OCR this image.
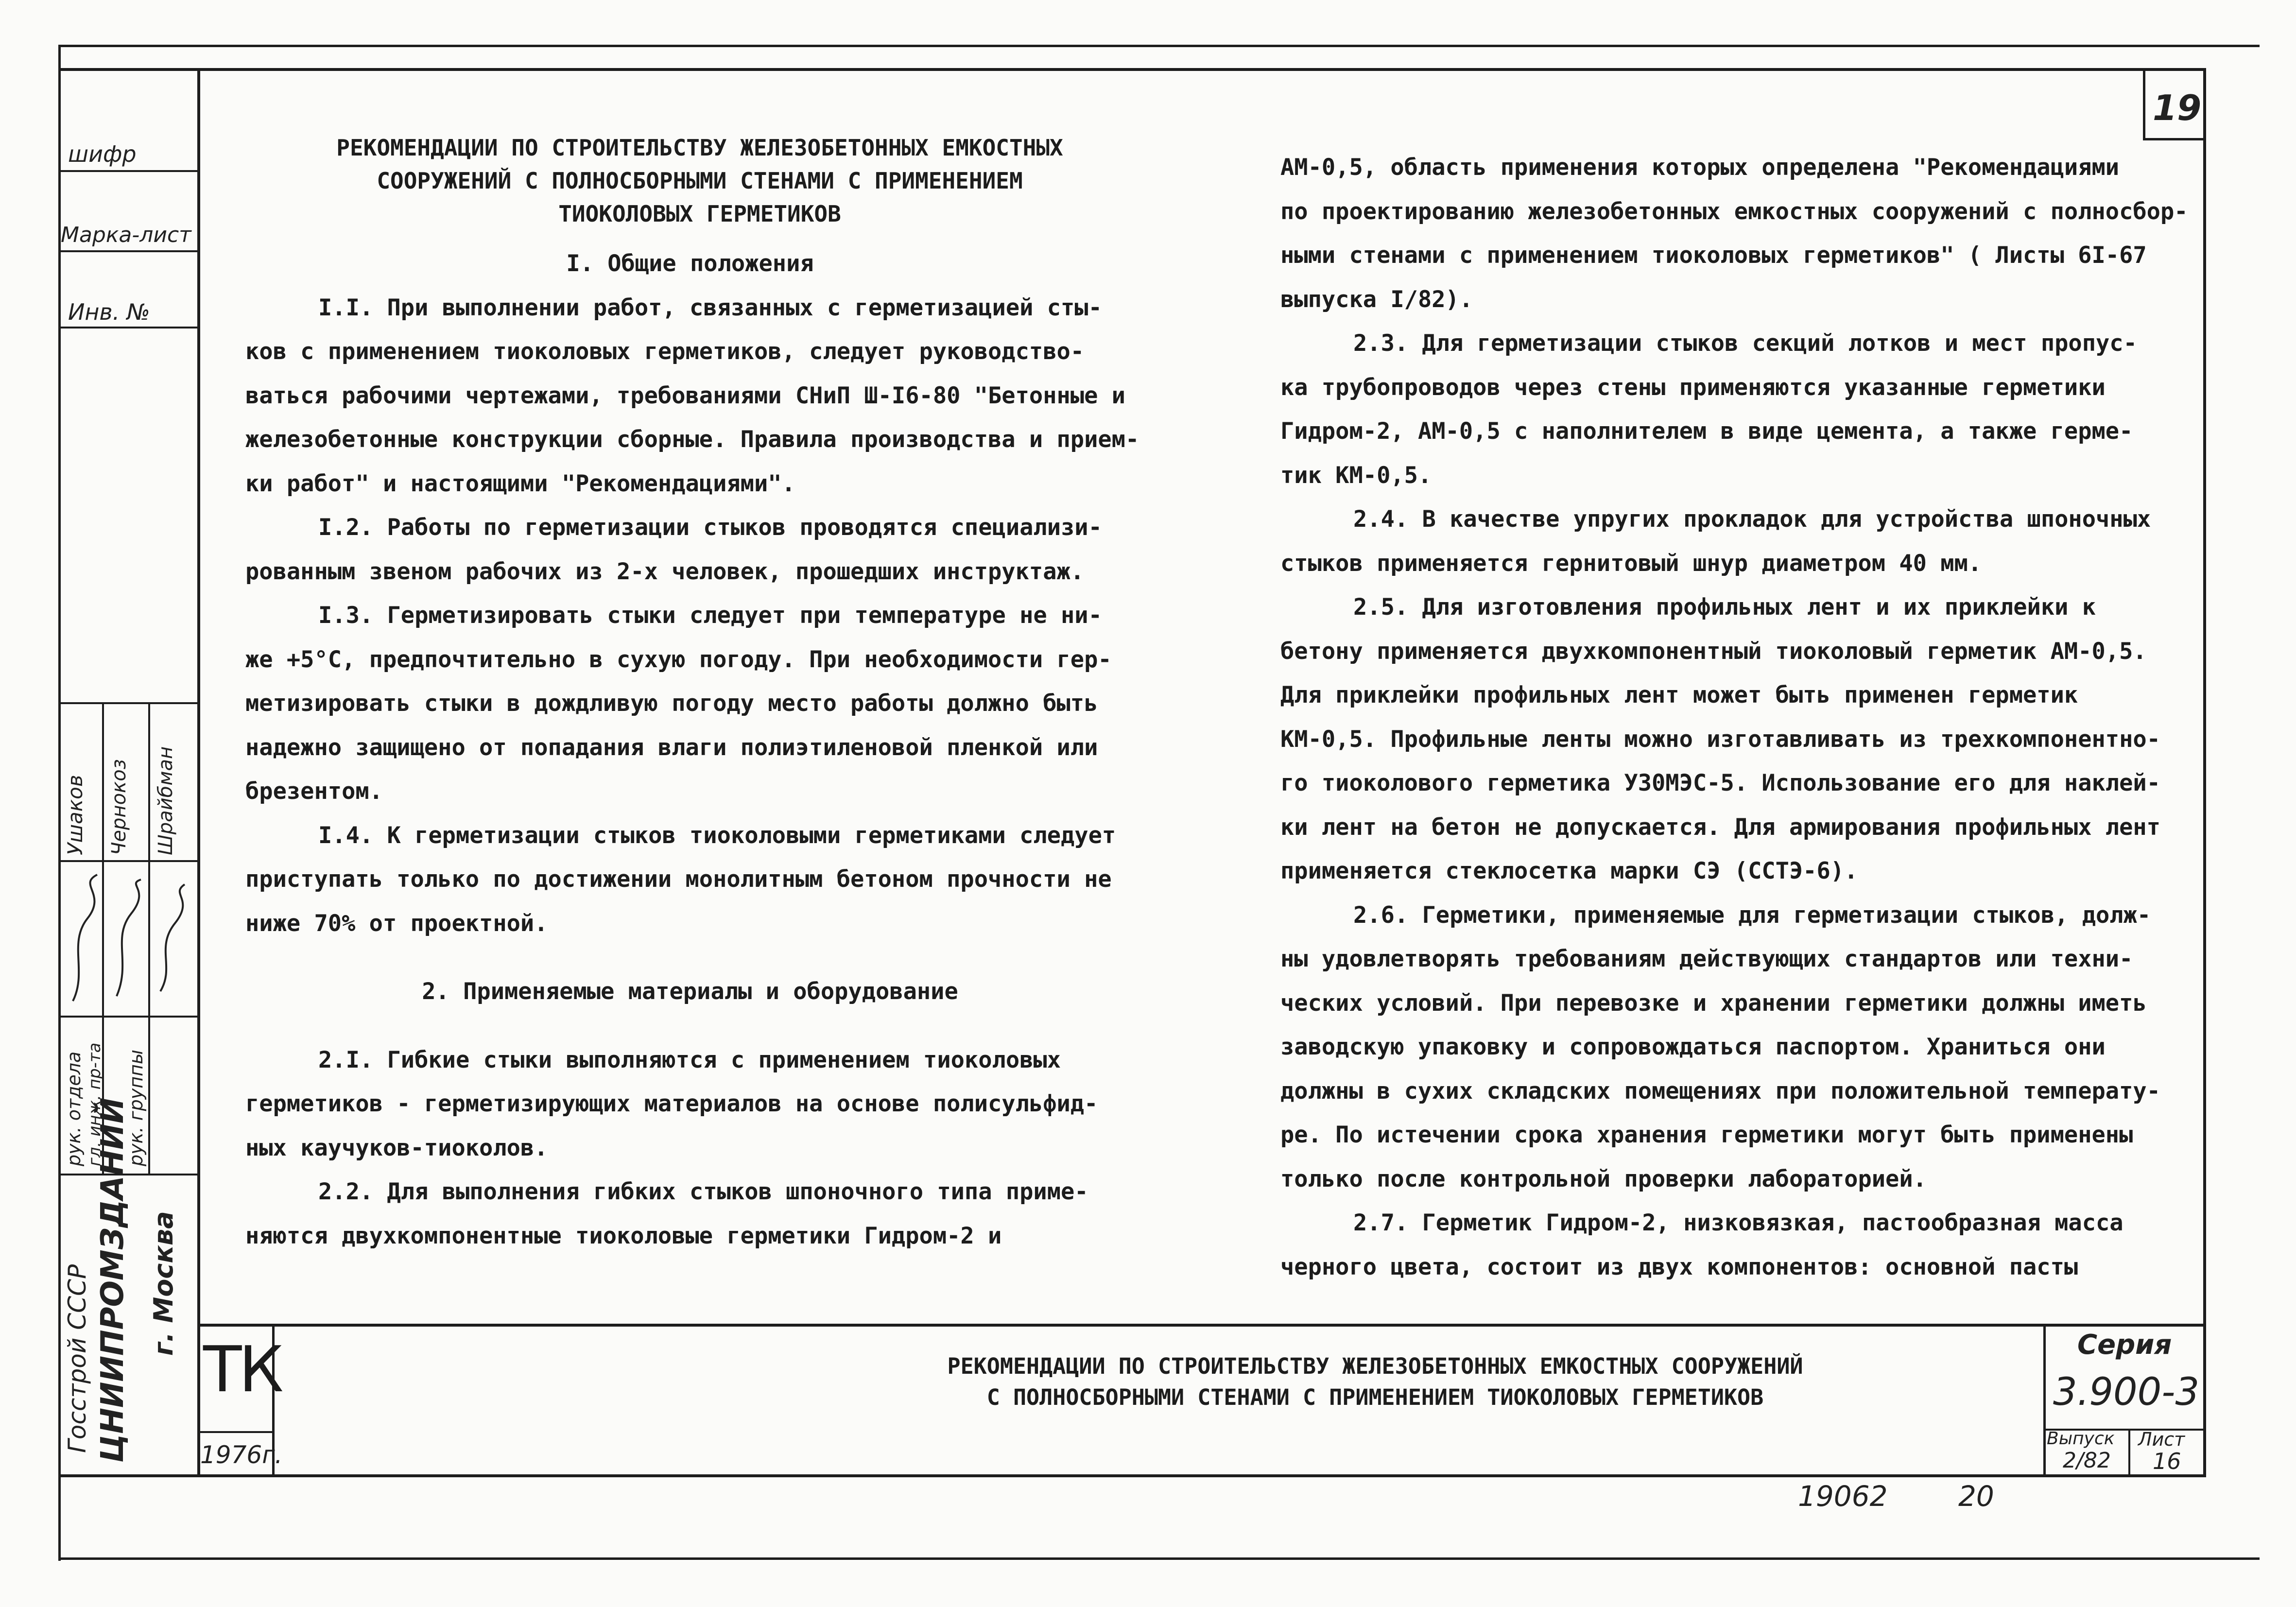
19
шифр
Марка-лист
Инв. №
рук. отдела гл. инж. пр-та рук. группы
Ушаков Чернокоз Шрайбман
Госстрой СССР ЦНИИПРОМЗДАНИЙ г. Москва
РЕКОМЕНДАЦИИ ПО СТРОИТЕЛЬСТВУ ЖЕЛЕЗОБЕТОННЫХ ЕМКОСТНЫХ
СООРУЖЕНИЙ С ПОЛНОСБОРНЫМИ СТЕНАМИ С ПРИМЕНЕНИЕМ
ТИОКОЛОВЫХ ГЕРМЕТИКОВ

I. Общие положения

I.I. При выполнении работ, связанных с герметизацией сты-

ков с применением тиоколовых герметиков, следует руководство-

ваться рабочими чертежами, требованиями СНиП Ш-I6-80 "Бетонные и

железобетонные конструкции сборные. Правила производства и прием-

ки работ" и настоящими "Рекомендациями".

I.2. Работы по герметизации стыков проводятся специализи-

рованным звеном рабочих из 2-х человек, прошедших инструктаж.

I.3. Герметизировать стыки следует при температуре не ни-

же +5°С, предпочтительно в сухую погоду. При необходимости гер-

метизировать стыки в дождливую погоду место работы должно быть

надежно защищено от попадания влаги полиэтиленовой пленкой или

брезентом.

I.4. К герметизации стыков тиоколовыми герметиками следует

приступать только по достижении монолитным бетоном прочности не

ниже 70% от проектной.

2. Применяемые материалы и оборудование

2.I. Гибкие стыки выполняются с применением тиоколовых

герметиков - герметизирующих материалов на основе полисульфид-

ных каучуков-тиоколов.

2.2. Для выполнения гибких стыков шпоночного типа приме-

няются двухкомпонентные тиоколовые герметики Гидром-2 и

АМ-0,5, область применения которых определена "Рекомендациями

по проектированию железобетонных емкостных сооружений с полносбор-

ными стенами с применением тиоколовых герметиков" ( Листы 6I-67

выпуска I/82).

2.3. Для герметизации стыков секций лотков и мест пропус-

ка трубопроводов через стены применяются указанные герметики

Гидром-2, АМ-0,5 с наполнителем в виде цемента, а также герме-

тик КМ-0,5.

2.4. В качестве упругих прокладок для устройства шпоночных

стыков применяется гернитовый шнур диаметром 40 мм.

2.5. Для изготовления профильных лент и их приклейки к

бетону применяется двухкомпонентный тиоколовый герметик АМ-0,5.

Для приклейки профильных лент может быть применен герметик

КМ-0,5. Профильные ленты можно изготавливать из трехкомпонентно-

го тиоколового герметика У30МЭС-5. Использование его для наклей-

ки лент на бетон не допускается. Для армирования профильных лент

применяется стеклосетка марки СЭ (ССТЭ-6).

2.6. Герметики, применяемые для герметизации стыков, долж-

ны удовлетворять требованиям действующих стандартов или техни-

ческих условий. При перевозке и хранении герметики должны иметь

заводскую упаковку и сопровождаться паспортом. Храниться они

должны в сухих складских помещениях при положительной температу-

ре. По истечении срока хранения герметики могут быть применены

только после контрольной проверки лабораторией.

2.7. Герметик Гидром-2, низковязкая, пастообразная масса

черного цвета, состоит из двух компонентов: основной пасты

ТК
1976г.
РЕКОМЕНДАЦИИ ПО СТРОИТЕЛЬСТВУ ЖЕЛЕЗОБЕТОННЫХ ЕМКОСТНЫХ СООРУЖЕНИЙ
С ПОЛНОСБОРНЫМИ СТЕНАМИ С ПРИМЕНЕНИЕМ ТИОКОЛОВЫХ ГЕРМЕТИКОВ
Серия
3.900-3
Выпуск
2/82
Лист
16
19062	20
